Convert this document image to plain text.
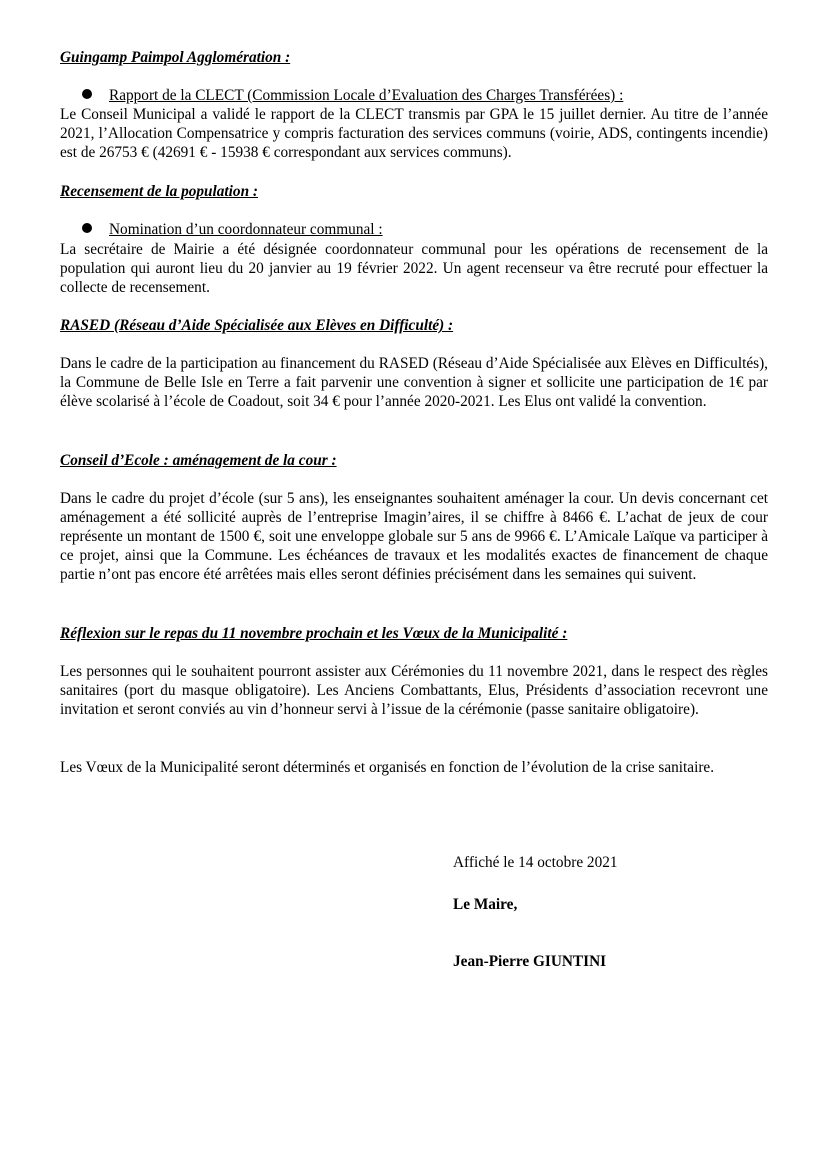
Guingamp Paimpol Agglomération :

Rapport de la CLECT (Commission Locale d’Evaluation des Charges Transférées) :

Le Conseil Municipal a validé le rapport de la CLECT transmis par GPA le 15 juillet dernier. Au titre de l’année 2021, l’Allocation Compensatrice y compris facturation des services communs (voirie, ADS, contingents incendie) est de 26753 € (42691 € - 15938 € correspondant aux services communs).

Recensement de la population :

Nomination d’un coordonnateur communal :

La secrétaire de Mairie a été désignée coordonnateur communal pour les opérations de recensement de la population qui auront lieu du 20 janvier au 19 février 2022. Un agent recenseur va être recruté pour effectuer la collecte de recensement.

RASED (Réseau d’Aide Spécialisée aux Elèves en Difficulté) :

Dans le cadre de la participation au financement du RASED (Réseau d’Aide Spécialisée aux Elèves en Difficultés), la Commune de Belle Isle en Terre a fait parvenir une convention à signer et sollicite une participation de 1€ par élève scolarisé à l’école de Coadout, soit 34 € pour l’année 2020-2021. Les Elus ont validé la convention.

Conseil d’Ecole : aménagement de la cour :

Dans le cadre du projet d’école (sur 5 ans), les enseignantes souhaitent aménager la cour. Un devis concernant cet aménagement a été sollicité auprès de l’entreprise Imagin’aires, il se chiffre à 8466 €. L’achat de jeux de cour représente un montant de 1500 €, soit une enveloppe globale sur 5 ans de 9966 €. L’Amicale Laïque va participer à ce projet, ainsi que la Commune. Les échéances de travaux et les modalités exactes de financement de chaque partie n’ont pas encore été arrêtées mais elles seront définies précisément dans les semaines qui suivent.

Réflexion sur le repas du 11 novembre prochain et les Vœux de la Municipalité :

Les personnes qui le souhaitent pourront assister aux Cérémonies du 11 novembre 2021, dans le respect des règles sanitaires (port du masque obligatoire). Les Anciens Combattants, Elus, Présidents d’association recevront une invitation et seront conviés au vin d’honneur servi à l’issue de la cérémonie (passe sanitaire obligatoire).

Les Vœux de la Municipalité seront déterminés et organisés en fonction de l’évolution de la crise sanitaire.

Affiché le 14 octobre 2021

Le Maire,

Jean-Pierre GIUNTINI
